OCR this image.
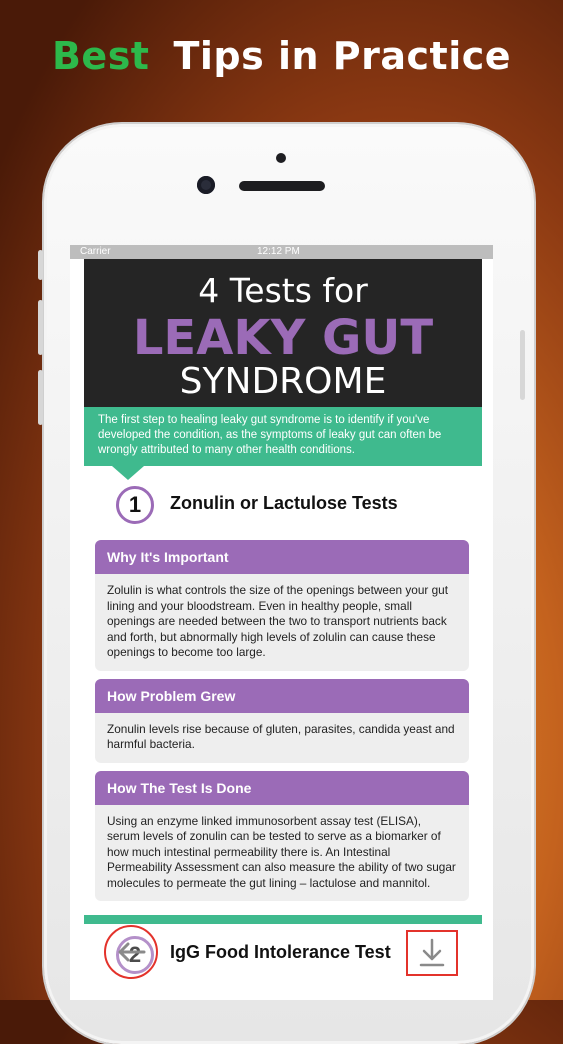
Best Tips in Practice
Carrier	12:12 PM
4 Tests for
LEAKY GUT
SYNDROME
The first step to healing leaky gut syndrome is to identify if you've developed the condition, as the symptoms of leaky gut can often be wrongly attributed to many other health conditions.
1	Zonulin or Lactulose Tests
Why It's Important
Zolulin is what controls the size of the openings between your gut lining and your bloodstream. Even in healthy people, small openings are needed between the two to transport nutrients back and forth, but abnormally high levels of zolulin can cause these openings to become too large.
How Problem Grew
Zonulin levels rise because of gluten, parasites, candida yeast and harmful bacteria.
How The Test Is Done
Using an enzyme linked immunosorbent assay test (ELISA), serum levels of zonulin can be tested to serve as a biomarker of how much intestinal permeability there is. An Intestinal Permeability Assessment can also measure the ability of two sugar molecules to permeate the gut lining – lactulose and mannitol.
2	IgG Food Intolerance Test
